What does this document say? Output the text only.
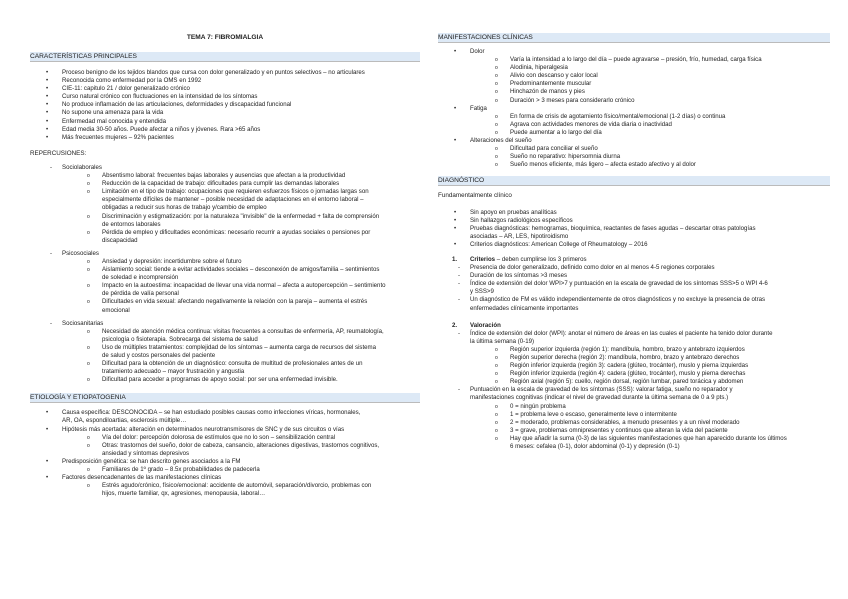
TEMA 7: FIBROMIALGIA
CARACTERÍSTICAS PRINCIPALES
• Proceso benigno de los tejidos blandos que cursa con dolor generalizado y en puntos selectivos – no articulares
• Reconocida como enfermedad por la OMS en 1992
• CIE-11: capitulo 21 / dolor generalizado crónico
• Curso natural crónico con fluctuaciones en la intensidad de los síntomas
• No produce inflamación de las articulaciones, deformidades y discapacidad funcional
• No supone una amenaza para la vida
• Enfermedad mal conocida y entendida
• Edad media 30-50 años. Puede afectar a niños y jóvenes. Rara >65 años
• Más frecuentes mujeres – 92% pacientes
REPERCUSIONES:
- Sociolaborales
o Absentismo laboral: frecuentes bajas laborales y ausencias que afectan a la productividad
o Reducción de la capacidad de trabajo: dificultades para cumplir las demandas laborales
o Limitación en el tipo de trabajo: ocupaciones que requieren esfuerzos físicos o jornadas largas son
especialmente difíciles de mantener – posible necesidad de adaptaciones en el entorno laboral –
obligadas a reducir sus horas de trabajo y/cambio de empleo
o Discriminación y estigmatización: por la naturaleza "invisible" de la enfermedad + falta de comprensión
de entornos laborales
o Pérdida de empleo y dificultades económicas: necesario recurrir a ayudas sociales o pensiones por
discapacidad
- Psicosociales
o Ansiedad y depresión: incertidumbre sobre el futuro
o Aislamiento social: tiende a evitar actividades sociales – desconexión de amigos/familia – sentimientos
de soledad e incomprensión
o Impacto en la autoestima: incapacidad de llevar una vida normal – afecta a autopercepción – sentimiento
de pérdida de valía personal
o Dificultades en vida sexual: afectando negativamente la relación con la pareja – aumenta el estrés
emocional
- Sociosanitarias
o Necesidad de atención médica continua: visitas frecuentes a consultas de enfermería, AP, reumatología,
psicología o fisioterapia. Sobrecarga del sistema de salud
o Uso de múltiples tratamientos: complejidad de los síntomas – aumenta carga de recursos del sistema
de salud y costos personales del paciente
o Dificultad para la obtención de un diagnóstico: consulta de multitud de profesionales antes de un
tratamiento adecuado – mayor frustración y angustia
o Dificultad para acceder a programas de apoyo social: por ser una enfermedad invisible.
ETIOLOGÍA Y ETIOPATOGENIA
• Causa específica: DESCONOCIDA – se han estudiado posibles causas como infecciones víricas, hormonales,
AR, OA, espondiloartias, esclerosis múltiple…
• Hipótesis más acertada: alteración en determinados neurotransmisores de SNC y de sus circuitos o vías
o Vía del dolor: percepción dolorosa de estímulos que no lo son – sensibilización central
o Otras: trastornos del sueño, dolor de cabeza, cansancio, alteraciones digestivas, trastornos cognitivos,
ansiedad y síntomas depresivos
• Predisposición genética: se han descrito genes asociados a la FM
o Familiares de 1º grado – 8.5x probabilidades de padecerla
• Factores desencadenantes de las manifestaciones clínicas
o Estrés agudo/crónico, físico/emocional: accidente de automóvil, separación/divorcio, problemas con
hijos, muerte familiar, qx, agresiones, menopausia, laboral…
MANIFESTACIONES CLÍNICAS
• Dolor
o Varía la intensidad a lo largo del día – puede agravarse – presión, frío, humedad, carga física
o Alodinia, hiperalgesia
o Alivio con descanso y calor local
o Predominantemente muscular
o Hinchazón de manos y pies
o Duración > 3 meses para considerarlo crónico
• Fatiga
o En forma de crisis de agotamiento físico/mental/emocional (1-2 días) o continua
o Agrava con actividades menores de vida diaria o inactividad
o Puede aumentar a lo largo del día
• Alteraciones del sueño
o Dificultad para conciliar el sueño
o Sueño no reparativo: hipersomnia diurna
o Sueño menos eficiente, más ligero – afecta estado afectivo y al dolor
DIAGNÓSTICO
Fundamentalmente clínico
• Sin apoyo en pruebas analíticas
• Sin hallazgos radiológicos específicos
• Pruebas diagnósticas: hemogramas, bioquímica, reactantes de fases agudas – descartar otras patologías
asociadas – AR, LES, hipotiroidismo
• Criterios diagnósticos: American College of Rheumatology – 2016
1. Criterios – deben cumplirse los 3 primeros
- Presencia de dolor generalizado, definido como dolor en al menos 4-5 regiones corporales
- Duración de los síntomas >3 meses
- Índice de extensión del dolor WPI>7 y puntuación en la escala de gravedad de los síntomas SSS>5 o WPI 4-6
y SSS>9
- Un diagnóstico de FM es válido independientemente de otros diagnósticos y no excluye la presencia de otras
enfermedades clínicamente importantes
2. Valoración
- Índice de extensión del dolor (WPI): anotar el número de áreas en las cuales el paciente ha tenido dolor durante
la última semana (0-19)
o Región superior izquierda (región 1): mandíbula, hombro, brazo y antebrazo izquierdos
o Región superior derecha (región 2): mandíbula, hombro, brazo y antebrazo derechos
o Región inferior izquierda (región 3): cadera (glúteo, trocánter), muslo y pierna izquierdas
o Región inferior izquierda (región 4): cadera (glúteo, trocánter), muslo y pierna derechas
o Región axial (región 5): cuello, región dorsal, región lumbar, pared torácica y abdomen
- Puntuación en la escala de gravedad de los síntomas (SSS): valorar fatiga, sueño no reparador y
manifestaciones cognitivas (indicar el nivel de gravedad durante la última semana de 0 a 9 pts.)
o 0 = ningún problema
o 1 = problema leve o escaso, generalmente leve o intermitente
o 2 = moderado, problemas considerables, a menudo presentes y a un nivel moderado
o 3 = grave, problemas omnipresentes y continuos que alteran la vida del paciente
o Hay que añadir la suma (0-3) de las siguientes manifestaciones que han aparecido durante los últimos
6 meses: cefalea (0-1), dolor abdominal (0-1) y depresión (0-1)
